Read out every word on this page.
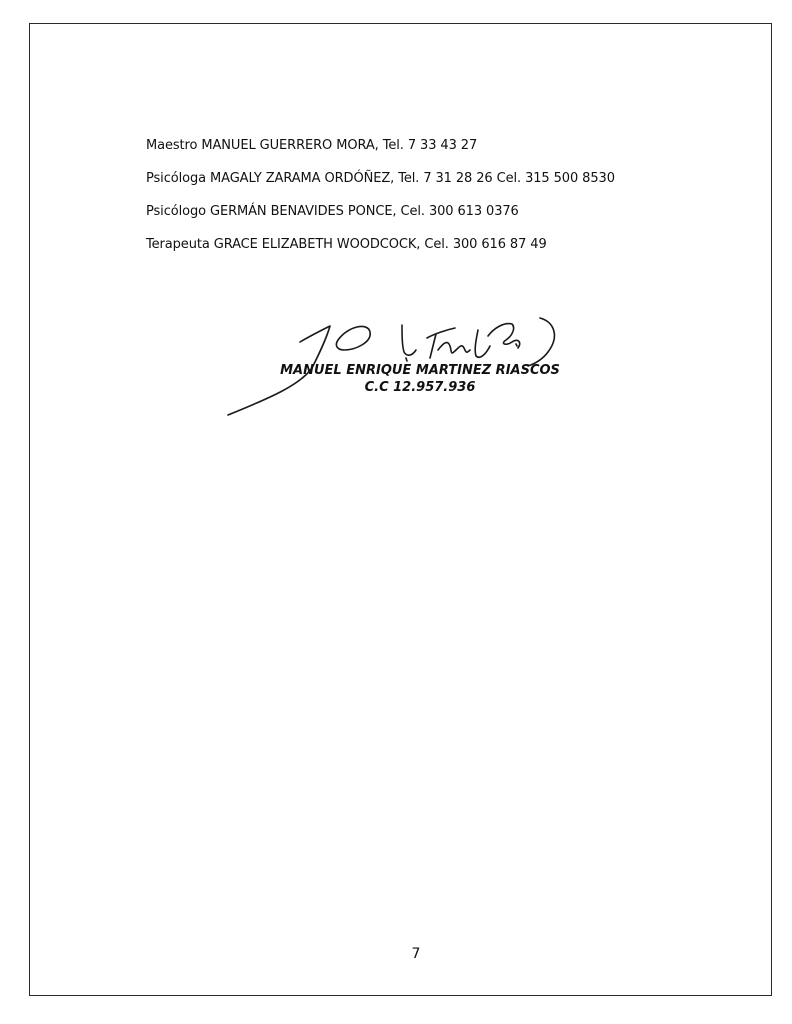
Maestro MANUEL GUERRERO MORA, Tel. 7 33 43 27
Psicóloga MAGALY ZARAMA ORDÓÑEZ, Tel. 7 31 28 26 Cel. 315 500 8530
Psicólogo GERMÁN BENAVIDES PONCE, Cel. 300 613 0376
Terapeuta GRACE ELIZABETH WOODCOCK, Cel. 300 616 87 49
MANUEL ENRIQUE MARTINEZ RIASCOS
C.C 12.957.936
7
